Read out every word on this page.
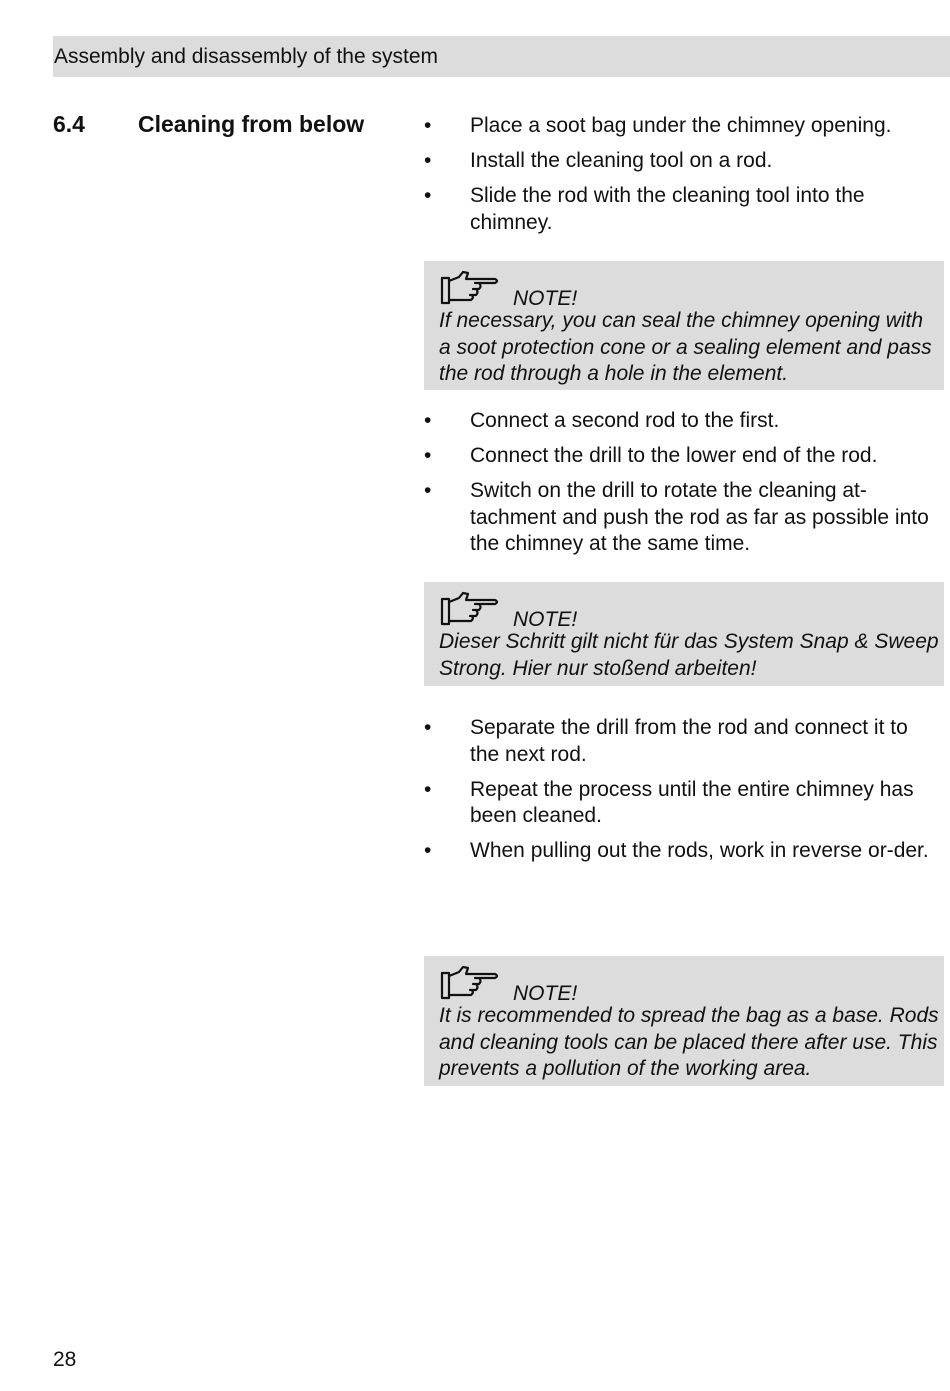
Assembly and disassembly of the system
6.4 Cleaning from below	• Place a soot bag under the chimney opening.
• Install the cleaning tool on a rod.
• Slide the rod with the cleaning tool into the chimney.
NOTE!
If necessary, you can seal the chimney opening with a soot protection cone or a sealing element and pass the rod through a hole in the element.
• Connect a second rod to the first.
• Connect the drill to the lower end of the rod.
• Switch on the drill to rotate the cleaning at-tachment and push the rod as far as possible into the chimney at the same time.
NOTE!
Dieser Schritt gilt nicht für das System Snap & Sweep Strong. Hier nur stoßend arbeiten!
• Separate the drill from the rod and connect it to the next rod.
• Repeat the process until the entire chimney has been cleaned.
• When pulling out the rods, work in reverse or-der.
NOTE!
It is recommended to spread the bag as a base. Rods and cleaning tools can be placed there after use. This prevents a pollution of the working area.
28
